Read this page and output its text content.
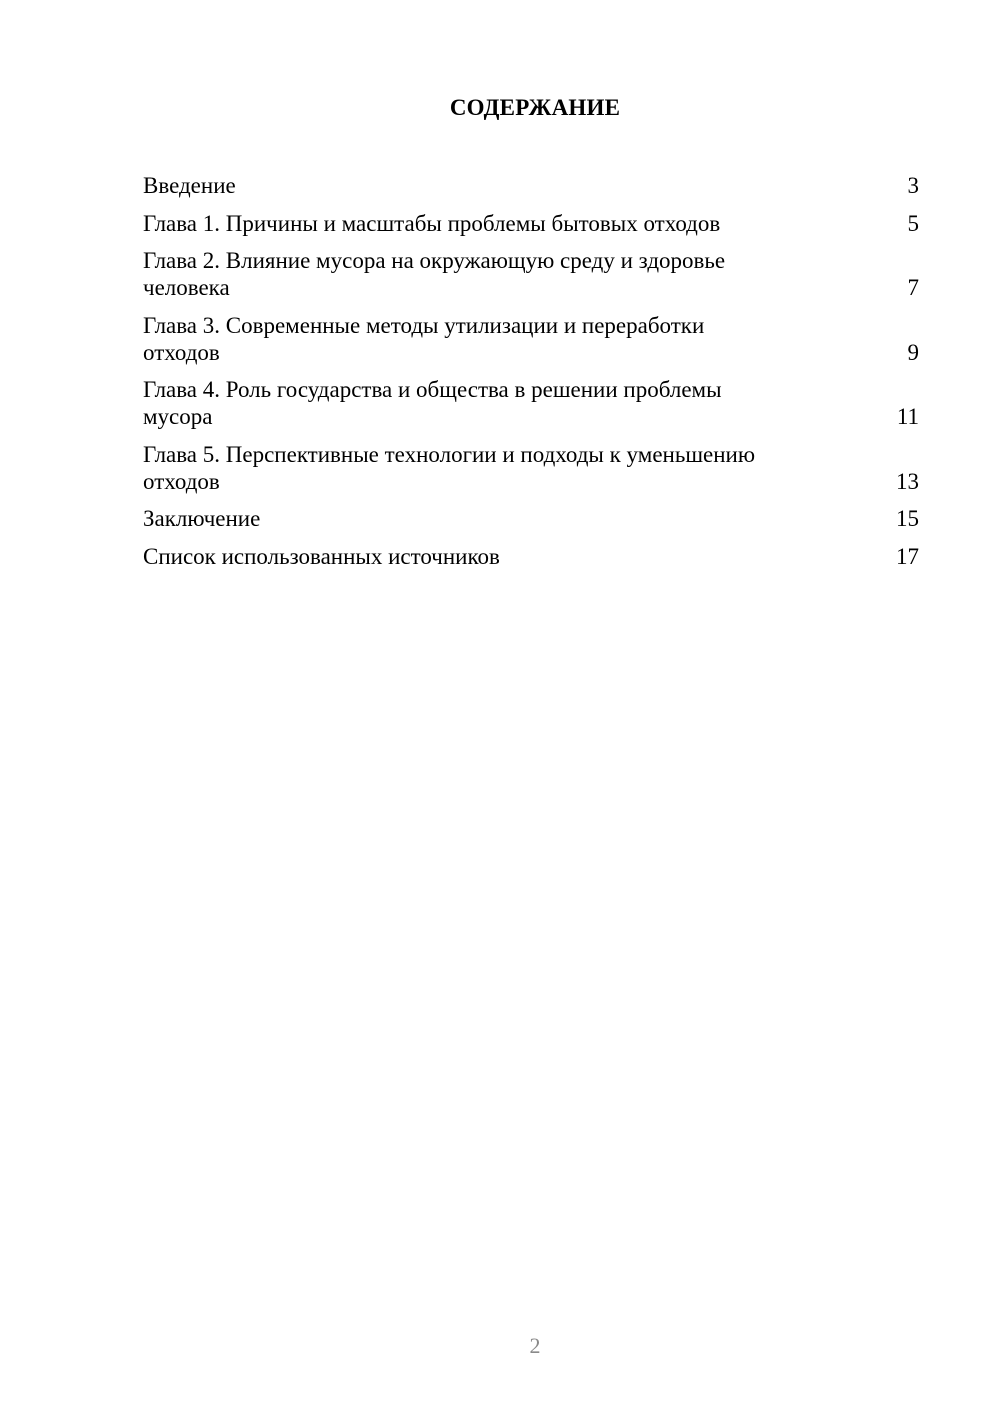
СОДЕРЖАНИЕ
Введение	3
Глава 1. Причины и масштабы проблемы бытовых отходов	5
Глава 2. Влияние мусора на окружающую среду и здоровье человека	7
Глава 3. Современные методы утилизации и переработки отходов	9
Глава 4. Роль государства и общества в решении проблемы мусора	11
Глава 5. Перспективные технологии и подходы к уменьшению отходов	13
Заключение	15
Список использованных источников	17
2
